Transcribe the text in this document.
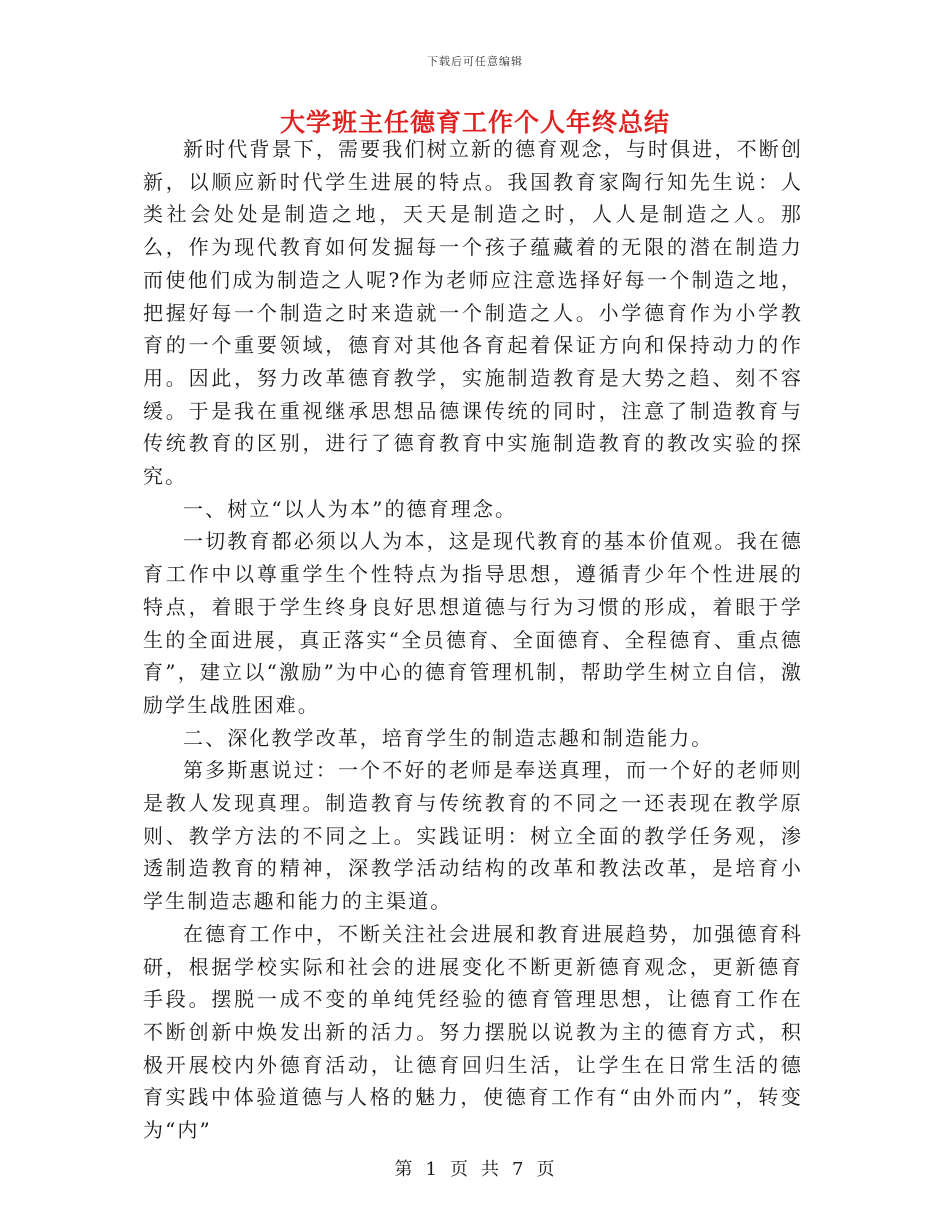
下载后可任意编辑
大学班主任德育工作个人年终总结

新时代背景下，需要我们树立新的德育观念，与时俱进，不断创新，以顺应新时代学生进展的特点。我国教育家陶行知先生说：人类社会处处是制造之地，天天是制造之时，人人是制造之人。那么，作为现代教育如何发掘每一个孩子蕴藏着的无限的潜在制造力而使他们成为制造之人呢?作为老师应注意选择好每一个制造之地，把握好每一个制造之时来造就一个制造之人。小学德育作为小学教育的一个重要领域，德育对其他各育起着保证方向和保持动力的作用。因此，努力改革德育教学，实施制造教育是大势之趋、刻不容缓。于是我在重视继承思想品德课传统的同时，注意了制造教育与传统教育的区别，进行了德育教育中实施制造教育的教改实验的探究。

一、树立“以人为本”的德育理念。

一切教育都必须以人为本，这是现代教育的基本价值观。我在德育工作中以尊重学生个性特点为指导思想，遵循青少年个性进展的特点，着眼于学生终身良好思想道德与行为习惯的形成，着眼于学生的全面进展，真正落实“全员德育、全面德育、全程德育、重点德育”，建立以“激励”为中心的德育管理机制，帮助学生树立自信，激励学生战胜困难。

二、深化教学改革，培育学生的制造志趣和制造能力。

第多斯惠说过：一个不好的老师是奉送真理，而一个好的老师则是教人发现真理。制造教育与传统教育的不同之一还表现在教学原则、教学方法的不同之上。实践证明：树立全面的教学任务观，渗透制造教育的精神，深教学活动结构的改革和教法改革，是培育小学生制造志趣和能力的主渠道。

在德育工作中，不断关注社会进展和教育进展趋势，加强德育科研，根据学校实际和社会的进展变化不断更新德育观念，更新德育手段。摆脱一成不变的单纯凭经验的德育管理思想，让德育工作在不断创新中焕发出新的活力。努力摆脱以说教为主的德育方式，积极开展校内外德育活动，让德育回归生活，让学生在日常生活的德育实践中体验道德与人格的魅力，使德育工作有“由外而内”，转变为“内”

第 1 页 共 7 页
